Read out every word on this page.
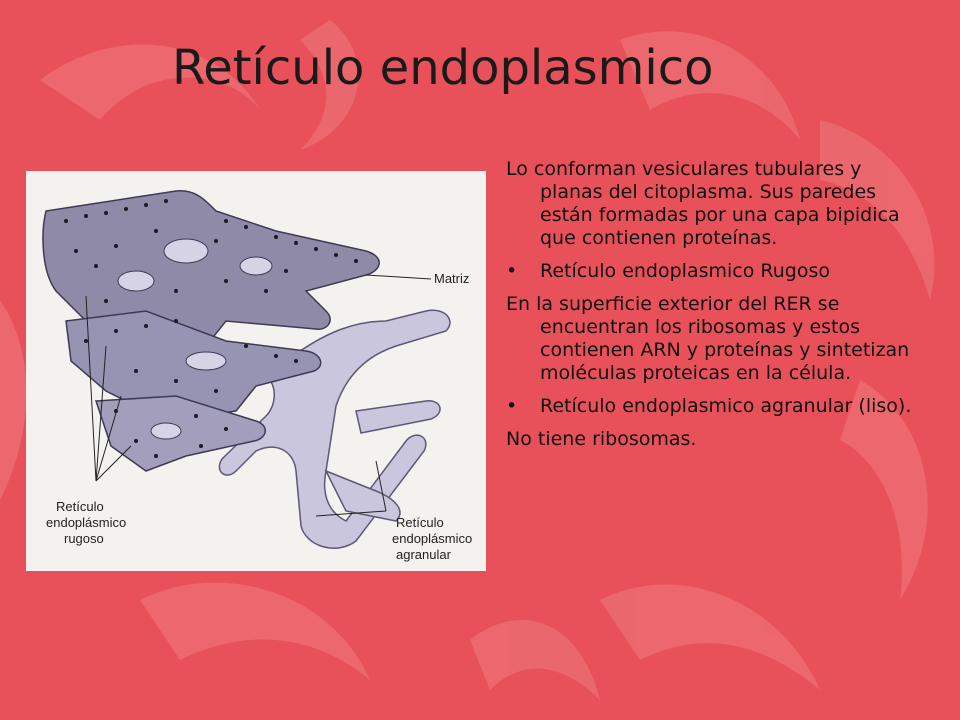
Retículo endoplasmico
Matriz
Retículo
endoplásmico
rugoso
Retículo
endoplásmico
agranular

Lo conforman vesiculares tubulares y planas del citoplasma. Sus paredes están formadas por una capa bipidica que contienen proteínas.

•	Retículo endoplasmico Rugoso

En la superficie exterior del RER se encuentran los ribosomas y estos contienen ARN y proteínas y sintetizan moléculas proteicas en la célula.

•	Retículo endoplasmico agranular (liso).

No tiene ribosomas.
